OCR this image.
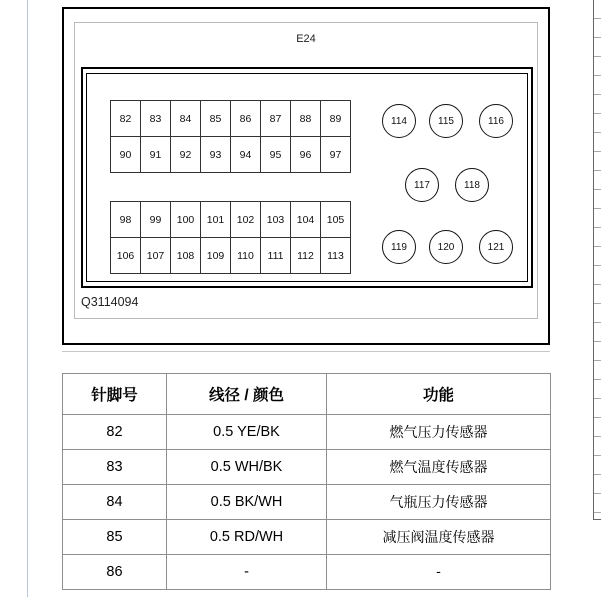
E24
82	83	84	85	86	87	88	89
90	91	92	93	94	95	96	97
98	99	100	101	102	103	104	105
106	107	108	109	110	111	112	113
114	115	116
117	118
119	120	121
Q3114094
针脚号	线径 / 颜色	功能
82	0.5 YE/BK	燃气压力传感器
83	0.5 WH/BK	燃气温度传感器
84	0.5 BK/WH	气瓶压力传感器
85	0.5 RD/WH	减压阀温度传感器
86	-	-
